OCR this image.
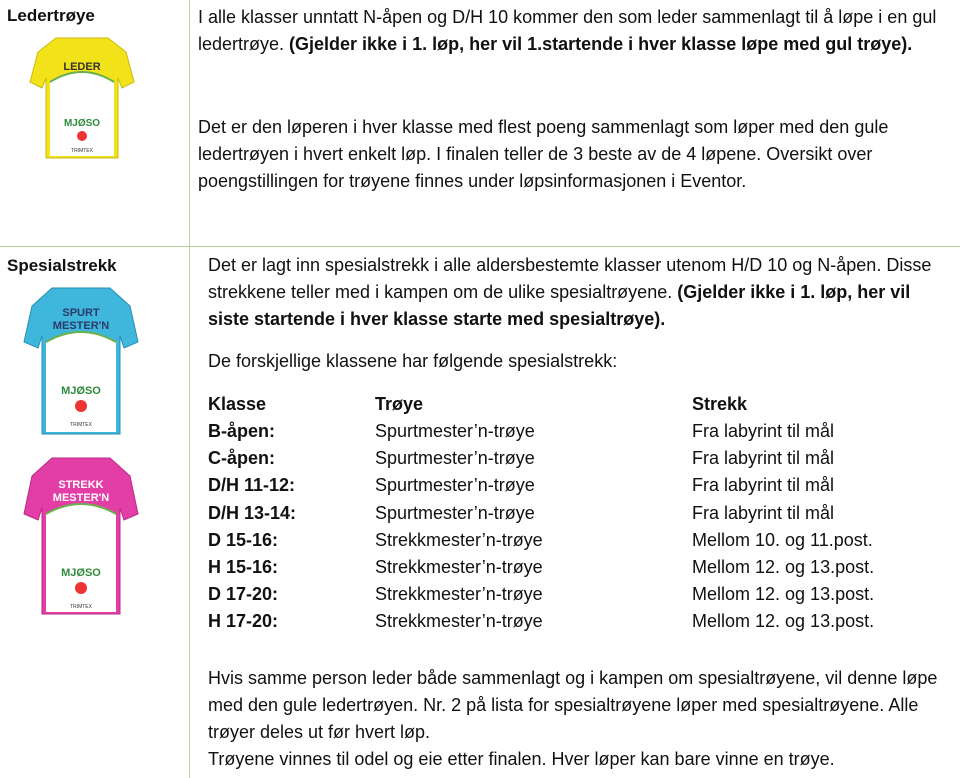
Ledertrøye
LEDER
MJØSO
TRIMTEX

I alle klasser unntatt N-åpen og D/H 10 kommer den som leder sammenlagt til å løpe i en gul ledertrøye. (Gjelder ikke i 1. løp, her vil 1.startende i hver klasse løpe med gul trøye).

Det er den løperen i hver klasse med flest poeng sammenlagt som løper med den gule ledertrøyen i hvert enkelt løp. I finalen teller de 3 beste av de 4 løpene. Oversikt over poengstillingen for trøyene finnes under løpsinformasjonen i Eventor.

Spesialstrekk
SPURT
MESTER'N
MJØSO
TRIMTEX
STREKK
MESTER'N
MJØSO
TRIMTEX

Det er lagt inn spesialstrekk i alle aldersbestemte klasser utenom H/D 10 og N-åpen. Disse strekkene teller med i kampen om de ulike spesialtrøyene. (Gjelder ikke i 1. løp, her vil siste startende i hver klasse starte med spesialtrøye).

De forskjellige klassene har følgende spesialstrekk:

Klasse	Trøye	Strekk
B-åpen:	Spurtmester’n-trøye	Fra labyrint til mål
C-åpen:	Spurtmester’n-trøye	Fra labyrint til mål
D/H 11-12:	Spurtmester’n-trøye	Fra labyrint til mål
D/H 13-14:	Spurtmester’n-trøye	Fra labyrint til mål
D 15-16:	Strekkmester’n-trøye	Mellom 10. og 11.post.
H 15-16:	Strekkmester’n-trøye	Mellom 12. og 13.post.
D 17-20:	Strekkmester’n-trøye	Mellom 12. og 13.post.
H 17-20:	Strekkmester’n-trøye	Mellom 12. og 13.post.

Hvis samme person leder både sammenlagt og i kampen om spesialtrøyene, vil denne løpe med den gule ledertrøyen. Nr. 2 på lista for spesialtrøyene løper med spesialtrøyene. Alle trøyer deles ut før hvert løp.

Trøyene vinnes til odel og eie etter finalen. Hver løper kan bare vinne en trøye.
